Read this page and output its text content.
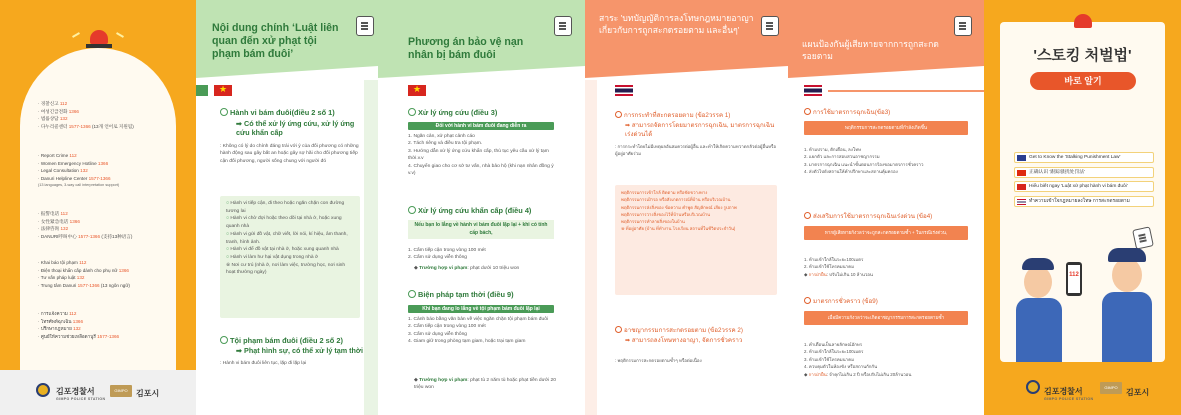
· 경찰신고 112
· 여성긴급전화 1366
· 법률상담 132
· 다누리콜센터 1577-1366 (13개 언어로 지원됨)
· Report Crime 112
· Women Emergency Hotline 1366
· Legal Consultation 132
· Danuri Helpline Center 1577-1366
(13 languages, 3-way call interpretation support)
· 报警电话 112
· 女性紧急电话 1366
· 法律咨询 132
· DANURI呼叫中心 1577-1366 (支持13种语言)
· Khai báo tội phạm 112
· Điện thoại khẩn cấp dành cho phụ nữ 1366
· Tư vấn pháp luật 132
· Trung tâm Danuri 1577-1366 (13 ngôn ngữ)
· การแจ้งความ 112
· โทรศัพท์ฉุกเฉิน 1366
· ปรึกษากฎหมาย 132
· ศูนย์ให้ความช่วยเหลือดานูรี 1577-1366
김포경찰서
GIMPO POLICE STATION
GIMPO	김포시
Nội dung chính ‘Luật liên quan đến xử phạt tội phạm bám đuôi’
★
Hành vi bám đuôi(điều 2 số 1)
➡ Có thể xử lý ứng cứu, xử lý ứng cứu khẩn cấp
: Không có lý do chính đáng trái với ý của đối phương có những hành động sau gây bất an hoặc gây sợ hãi cho đối phương tiếp cận đối phương, người sống chung với người đó
○ Hành vi tiếp cận, đi theo hoặc ngăn chặn con đường tương lai
○ Hành vi chờ đợi hoặc theo dõi tại nhà ở, hoặc xung quanh nhà
○ Hành vi gửi đồ vật, chữ viết, lời nói, kí hiệu, âm thanh, tranh, hình ảnh.
○ Hành vi để đồ vật tại nhà ở, hoặc xung quanh nhà
○ Hành vi làm hư hại vật dụng trong nhà ở
※ Nơi cư trú (nhà ở, nơi làm việc, trường học, nơi sinh hoạt thường ngày)
Tội phạm bám đuôi (điều 2 số 2)
➡ Phạt hình sự, có thể xử lý tạm thời
: Hành vi bám đuôi liên tục, lặp đi lặp lại
Phương án bảo vệ nạn nhân bị bám đuôi
★
Xử lý ứng cứu (điều 3)
Đối với hành vi bám đuôi đang diễn ra
1. Ngăn cản, xử phạt cảnh cáo
2. Tách riêng và điều tra tội phạm.
3. Hướng dẫn xử lý ứng cứu khẩn cấp, thủ tục yêu cầu xử lý tạm thời.v.v
4. Chuyển giao cho cơ sở tư vấn, nhà bảo hộ (khi nạn nhân đồng ý v.v)
Xử lý ứng cứu khẩn cấp (điều 4)
Nếu bạn lo lắng về hành vi bám đuôi lặp lại + khi có tính cấp bách,
1. Cấm tiếp cận trong vòng 100 mét
2. Cấm sử dụng viễn thông
◆ Trường hợp vi phạm: phạt dưới 10 triệu won
Biện pháp tạm thời (điều 9)
Khi bạn đang lo lắng về tội phạm bám đuôi lặp lại
1. Cảnh báo bằng văn bản về việc ngăn chặn tội phạm bám đuôi
2. Cấm tiếp cận trong vòng 100 mét
3. Cấm sử dụng viễn thông
4. Giam giữ trong phòng tạm giam, hoặc trại tạm giam
◆ Trường hợp vi phạm: phạt tù 2 năm tù hoặc phạt tiền dưới 20 triệu won
สาระ 'บทบัญญัติการลงโทษกฎหมายอาญา เกี่ยวกับการถูกสะกดรอยตาม และอื่นๆ'
การกระทำที่สะกดรอยตาม (ข้อ2วรรค 1)
➡ สามารถจัดการโดยมาตรการฉุกเฉิน, มาตรการฉุกเฉินเร่งด่วนได้
: การกระทำโดยไม่มีเหตุผลอันสมควรต่อผู้อื่น และทำให้เกิดความหวาดกลัวต่อผู้อื่นหรือผู้อยู่อาศัยร่วม
พฤติกรรมการเข้าใกล้ ติดตาม หรือขัดขวางทาง
พฤติกรรมการเฝ้ารอ หรือสังเกตการณ์ที่บ้าน หรือบริเวณบ้าน
พฤติกรรมการส่งสิ่งของ ข้อความ คำพูด สัญลักษณ์ เสียง รูปภาพ
พฤติกรรมการวางสิ่งของไว้ที่บ้านหรือบริเวณบ้าน
พฤติกรรมการทำลายสิ่งของในบ้าน
※ ที่อยู่อาศัย (บ้าน ที่ทำงาน โรงเรียน สถานที่ในชีวิตประจำวัน)
อาชญากรรมการสะกดรอยตาม (ข้อ2วรรค 2)
➡ สามารถลงโทษทางอาญา, จัดการชั่วคราว
: พฤติกรรมการสะกดรอยตามซ้ำๆ หรือต่อเนื่อง
แผนป้องกันผู้เสียหายจากการถูกสะกดรอยตาม
การใช้มาตรการฉุกเฉิน(ข้อ3)
พฤติกรรมการสะกดรอยตามที่กำลังเกิดขึ้น
1. ห้ามปราม, ตักเตือน, ลงโทษ
2. แยกตัว และการสอบสวนอาชญากรรม
3. มาตรการฉุกเฉิน แนะนำขั้นตอนการร้องขอมาตรการชั่วคราว
4. ส่งตัวไปยังสถานให้คำปรึกษาและสถานคุ้มครอง
ส่งเสริมการใช้มาตรการฉุกเฉินเร่งด่วน (ข้อ4)
หากผู้เสียหายกังวลว่าจะถูกสะกดรอยตามซ้ำ + ในกรณีเร่งด่วน,
1. ห้ามเข้าใกล้ในระยะ100เมตร
2. ห้ามเข้าใช้โทรคมนาคม
◆ การฝ่าฝืน: ปรับไม่เกิน 10 ล้านวอน
มาตรการชั่วคราว (ข้อ9)
เมื่อมีความกังวลว่าจะเกิดอาชญากรรมการสะกดรอยตามซ้ำ
1. คำเตือนเป็นลายลักษณ์อักษร
2. ห้ามเข้าใกล้ในระยะ100เมตร
3. ห้ามเข้าใช้โทรคมนาคม
4. ควบคุมตัวในห้องขัง หรือสถานกักกัน
◆ การฝ่าฝืน: จำคุกไม่เกิน 2 ปี หรือปรับไม่เกิน 20ล้านวอน
'스토킹 처벌법'
바로 알기
Get to Know the 'Stalking Punishment Law'
正确认识 '跟踪骚扰处罚法'
Hiểu biết ngay 'Luật xử phạt hành vi bám đuôi'
ทำความเข้าใจกฎหมายลงโทษ การสะกดรอยตาม
112
김포경찰서
GIMPO POLICE STATION
GIMPO
김포시
